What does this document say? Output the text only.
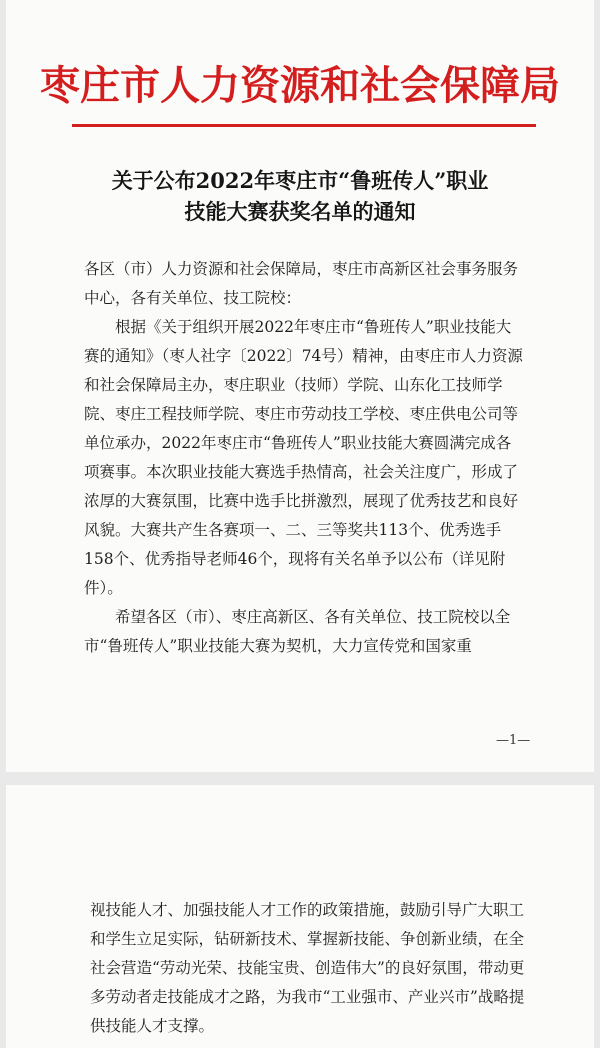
枣庄市人力资源和社会保障局
关于公布2022年枣庄市“鲁班传人”职业
技能大赛获奖名单的通知

各区（市）人力资源和社会保障局，枣庄市高新区社会事务服务中心，各有关单位、技工院校：

根据《关于组织开展2022年枣庄市“鲁班传人”职业技能大赛的通知》（枣人社字〔2022〕74号）精神，由枣庄市人力资源和社会保障局主办，枣庄职业（技师）学院、山东化工技师学院、枣庄工程技师学院、枣庄市劳动技工学校、枣庄供电公司等单位承办，2022年枣庄市“鲁班传人”职业技能大赛圆满完成各项赛事。本次职业技能大赛选手热情高，社会关注度广，形成了浓厚的大赛氛围，比赛中选手比拼激烈，展现了优秀技艺和良好风貌。大赛共产生各赛项一、二、三等奖共113个、优秀选手158个、优秀指导老师46个，现将有关名单予以公布（详见附件）。

希望各区（市）、枣庄高新区、各有关单位、技工院校以全市“鲁班传人”职业技能大赛为契机，大力宣传党和国家重

—1—

视技能人才、加强技能人才工作的政策措施，鼓励引导广大职工和学生立足实际，钻研新技术、掌握新技能、争创新业绩，在全社会营造“劳动光荣、技能宝贵、创造伟大”的良好氛围，带动更多劳动者走技能成才之路，为我市“工业强市、产业兴市”战略提供技能人才支撑。
